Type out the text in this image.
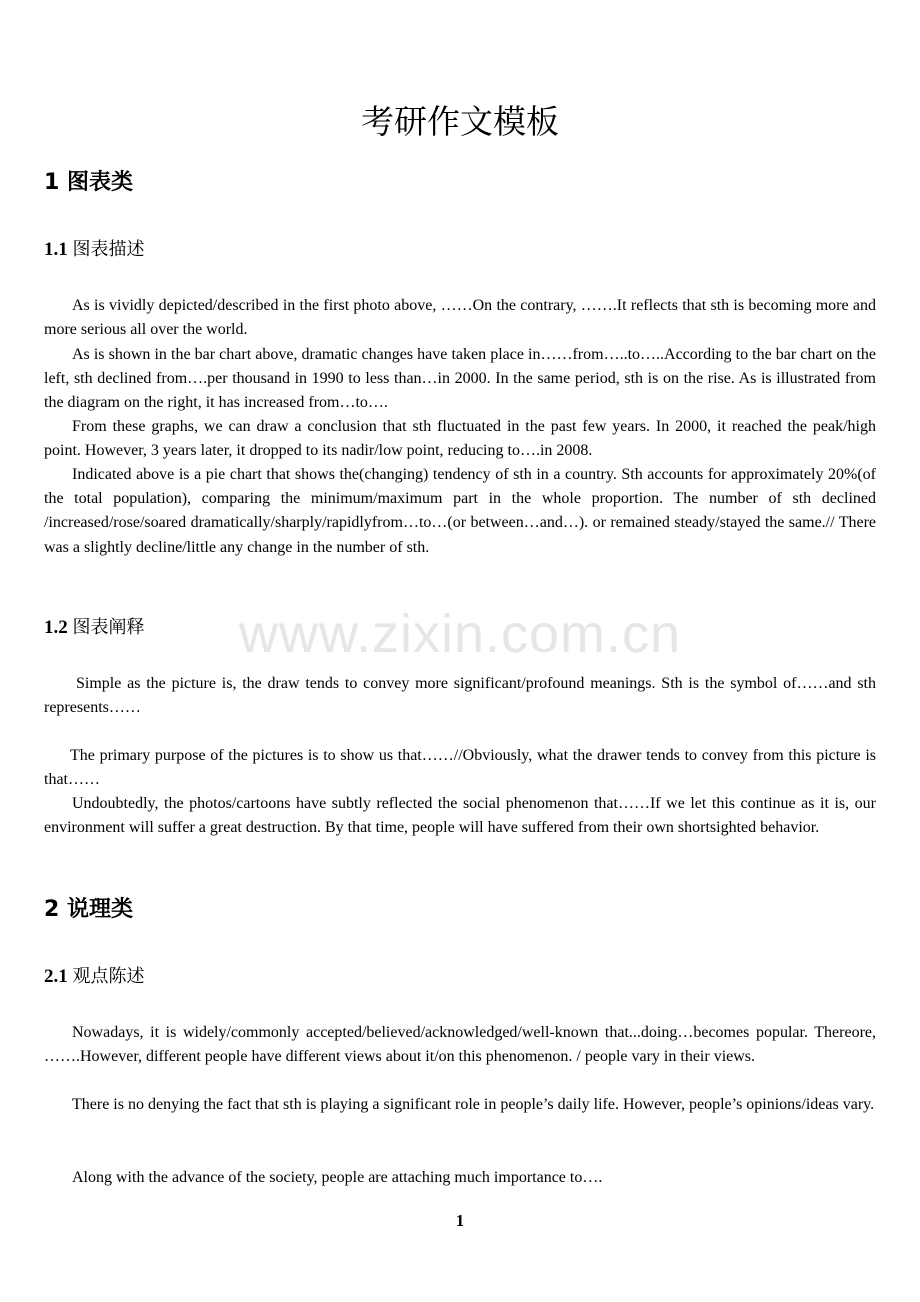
www.zixin.com.cn
考研作文模板
1 图表类
1.1 图表描述

As is vividly depicted/described in the first photo above, ……On the contrary, …….It reflects that sth is becoming more and more serious all over the world.

As is shown in the bar chart above, dramatic changes have taken place in……from…..to…..According to the bar chart on the left, sth declined from….per thousand in 1990 to less than…in 2000. In the same period, sth is on the rise. As is illustrated from the diagram on the right, it has increased from…to….

From these graphs, we can draw a conclusion that sth fluctuated in the past few years. In 2000, it reached the peak/high point. However, 3 years later, it dropped to its nadir/low point, reducing to….in 2008.

Indicated above is a pie chart that shows the(changing) tendency of sth in a country. Sth accounts for approximately 20%(of the total population), comparing the minimum/maximum part in the whole proportion. The number of sth declined /increased/rose/soared dramatically/sharply/rapidlyfrom…to…(or between…and…). or remained steady/stayed the same.// There was a slightly decline/little any change in the number of sth.

1.2 图表阐释

Simple as the picture is, the draw tends to convey more significant/profound meanings. Sth is the symbol of……and sth represents……

The primary purpose of the pictures is to show us that……//Obviously, what the drawer tends to convey from this picture is that……

Undoubtedly, the photos/cartoons have subtly reflected the social phenomenon that……If we let this continue as it is, our environment will suffer a great destruction. By that time, people will have suffered from their own shortsighted behavior.

2 说理类
2.1 观点陈述

Nowadays, it is widely/commonly accepted/believed/acknowledged/well-known that...doing…becomes popular. Thereore, …….However, different people have different views about it/on this phenomenon. / people vary in their views.

There is no denying the fact that sth is playing a significant role in people’s daily life. However, people’s opinions/ideas vary.

Along with the advance of the society, people are attaching much importance to….

1
